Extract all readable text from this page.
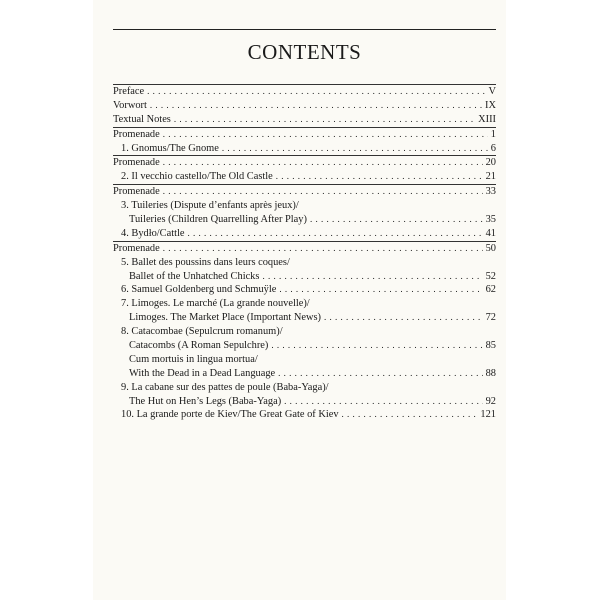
CONTENTS
Preface . . .	V
Vorwort . . .	IX
Textual Notes . . .	XIII
Promenade . . .	1
1. Gnomus/The Gnome . . .	6
Promenade . . .	20
2. Il vecchio castello/The Old Castle . . .	21
Promenade . . .	33
3. Tuileries (Dispute d’enfants après jeux)/
Tuileries (Children Quarrelling After Play) . . .	35
4. Bydło/Cattle . . .	41
Promenade . . .	50
5. Ballet des poussins dans leurs coques/
Ballet of the Unhatched Chicks . . .	52
6. Samuel Goldenberg und Schmuÿle . . .	62
7. Limoges. Le marché (La grande nouvelle)/
Limoges. The Market Place (Important News) . . .	72
8. Catacombae (Sepulcrum romanum)/
Catacombs (A Roman Sepulchre) . . .	85
Cum mortuis in lingua mortua/
With the Dead in a Dead Language . . .	88
9. La cabane sur des pattes de poule (Baba-Yaga)/
The Hut on Hen’s Legs (Baba-Yaga) . . .	92
10. La grande porte de Kiev/The Great Gate of Kiev . . .	121
